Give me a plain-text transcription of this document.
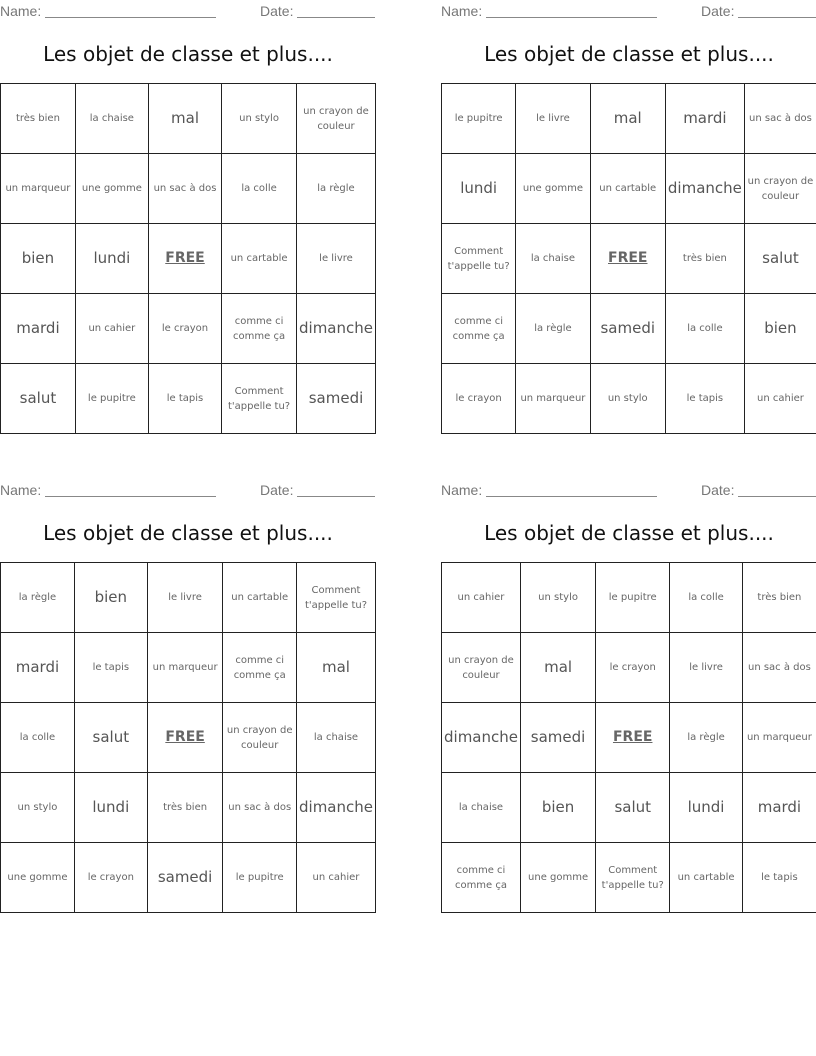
Name:	Date:
Les objet de classe et plus....
très bien	la chaise	mal	un stylo	un crayon de couleur
un marqueur	une gomme	un sac à dos	la colle	la règle
bien	lundi	FREE	un cartable	le livre
mardi	un cahier	le crayon	comme ci comme ça	dimanche
salut	le pupitre	le tapis	Comment t'appelle tu?	samedi
Name:	Date:
Les objet de classe et plus....
le pupitre	le livre	mal	mardi	un sac à dos
lundi	une gomme	un cartable	dimanche	un crayon de couleur
Comment t'appelle tu?	la chaise	FREE	très bien	salut
comme ci comme ça	la règle	samedi	la colle	bien
le crayon	un marqueur	un stylo	le tapis	un cahier
Name:	Date:
Les objet de classe et plus....
la règle	bien	le livre	un cartable	Comment t'appelle tu?
mardi	le tapis	un marqueur	comme ci comme ça	mal
la colle	salut	FREE	un crayon de couleur	la chaise
un stylo	lundi	très bien	un sac à dos	dimanche
une gomme	le crayon	samedi	le pupitre	un cahier
Name:	Date:
Les objet de classe et plus....
un cahier	un stylo	le pupitre	la colle	très bien
un crayon de couleur	mal	le crayon	le livre	un sac à dos
dimanche	samedi	FREE	la règle	un marqueur
la chaise	bien	salut	lundi	mardi
comme ci comme ça	une gomme	Comment t'appelle tu?	un cartable	le tapis
